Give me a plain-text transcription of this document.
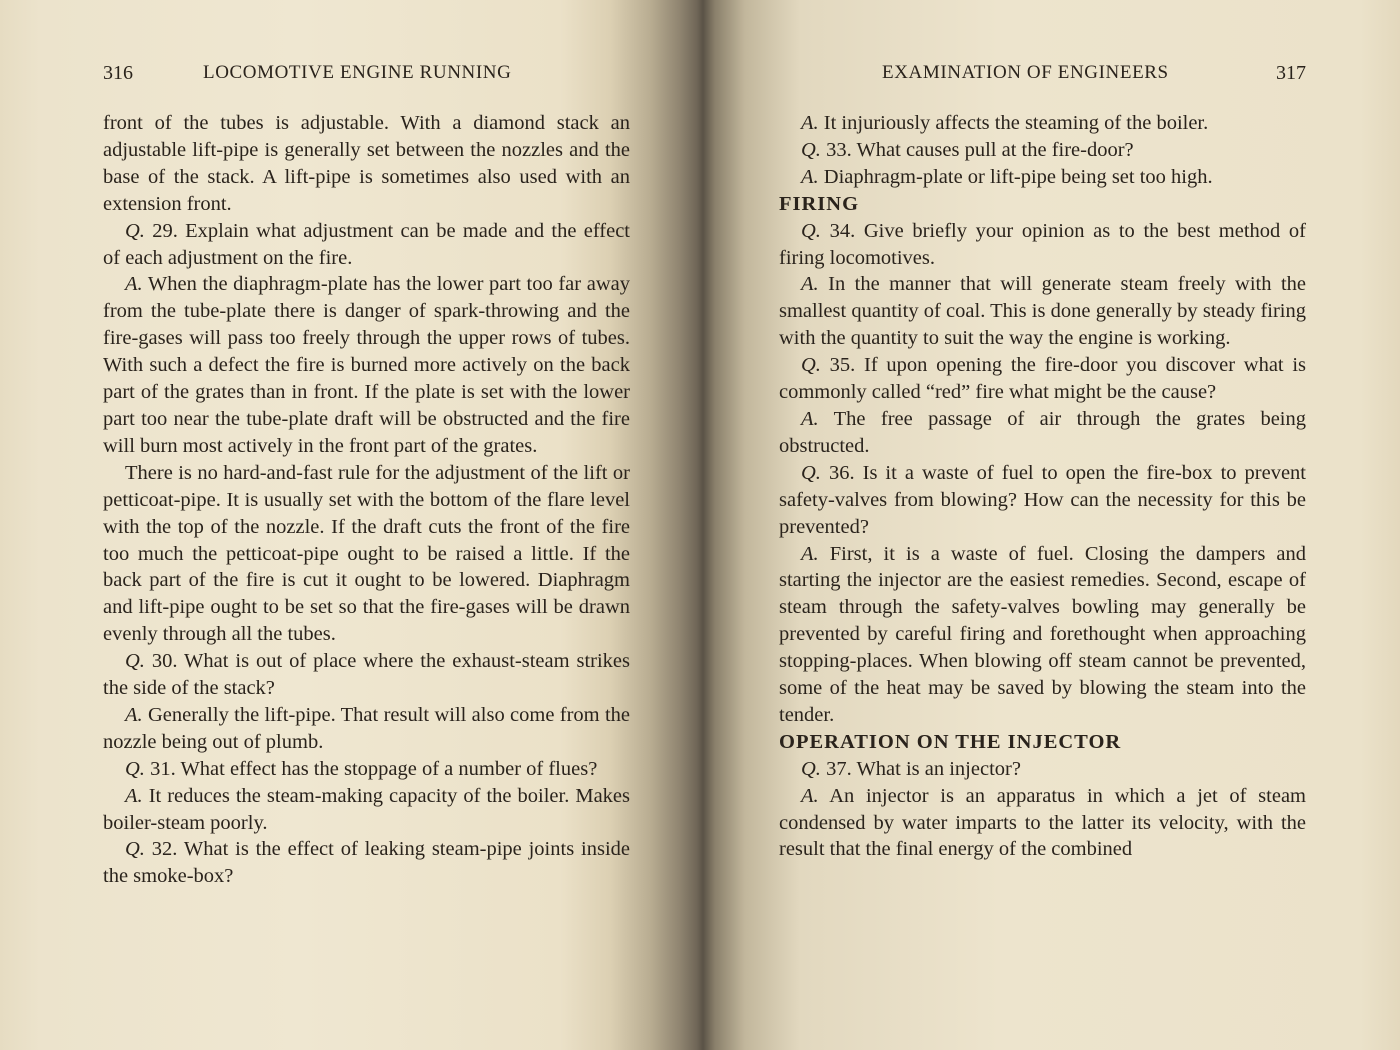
316	LOCOMOTIVE ENGINE RUNNING

front of the tubes is adjustable. With a diamond stack an adjustable lift-pipe is generally set between the nozzles and the base of the stack. A lift-pipe is sometimes also used with an extension front.

Q. 29. Explain what adjustment can be made and the effect of each adjustment on the fire.

A. When the diaphragm-plate has the lower part too far away from the tube-plate there is danger of spark-throwing and the fire-gases will pass too freely through the upper rows of tubes. With such a defect the fire is burned more actively on the back part of the grates than in front. If the plate is set with the lower part too near the tube-plate draft will be obstructed and the fire will burn most actively in the front part of the grates.

There is no hard-and-fast rule for the adjustment of the lift or petticoat-pipe. It is usually set with the bottom of the flare level with the top of the nozzle. If the draft cuts the front of the fire too much the petticoat-pipe ought to be raised a little. If the back part of the fire is cut it ought to be lowered. Diaphragm and lift-pipe ought to be set so that the fire-gases will be drawn evenly through all the tubes.

Q. 30. What is out of place where the exhaust-steam strikes the side of the stack?

A. Generally the lift-pipe. That result will also come from the nozzle being out of plumb.

Q. 31. What effect has the stoppage of a number of flues?

A. It reduces the steam-making capacity of the boiler. Makes boiler-steam poorly.

Q. 32. What is the effect of leaking steam-pipe joints inside the smoke-box?

EXAMINATION OF ENGINEERS	317

A. It injuriously affects the steaming of the boiler.

Q. 33. What causes pull at the fire-door?

A. Diaphragm-plate or lift-pipe being set too high.

FIRING

Q. 34. Give briefly your opinion as to the best method of firing locomotives.

A. In the manner that will generate steam freely with the smallest quantity of coal. This is done generally by steady firing with the quantity to suit the way the engine is working.

Q. 35. If upon opening the fire-door you discover what is commonly called “red” fire what might be the cause?

A. The free passage of air through the grates being obstructed.

Q. 36. Is it a waste of fuel to open the fire-box to prevent safety-valves from blowing? How can the necessity for this be prevented?

A. First, it is a waste of fuel. Closing the dampers and starting the injector are the easiest remedies. Second, escape of steam through the safety-valves bowling may generally be prevented by careful firing and forethought when approaching stopping-places. When blowing off steam cannot be prevented, some of the heat may be saved by blowing the steam into the tender.

OPERATION ON THE INJECTOR

Q. 37. What is an injector?

A. An injector is an apparatus in which a jet of steam condensed by water imparts to the latter its velocity, with the result that the final energy of the combined
